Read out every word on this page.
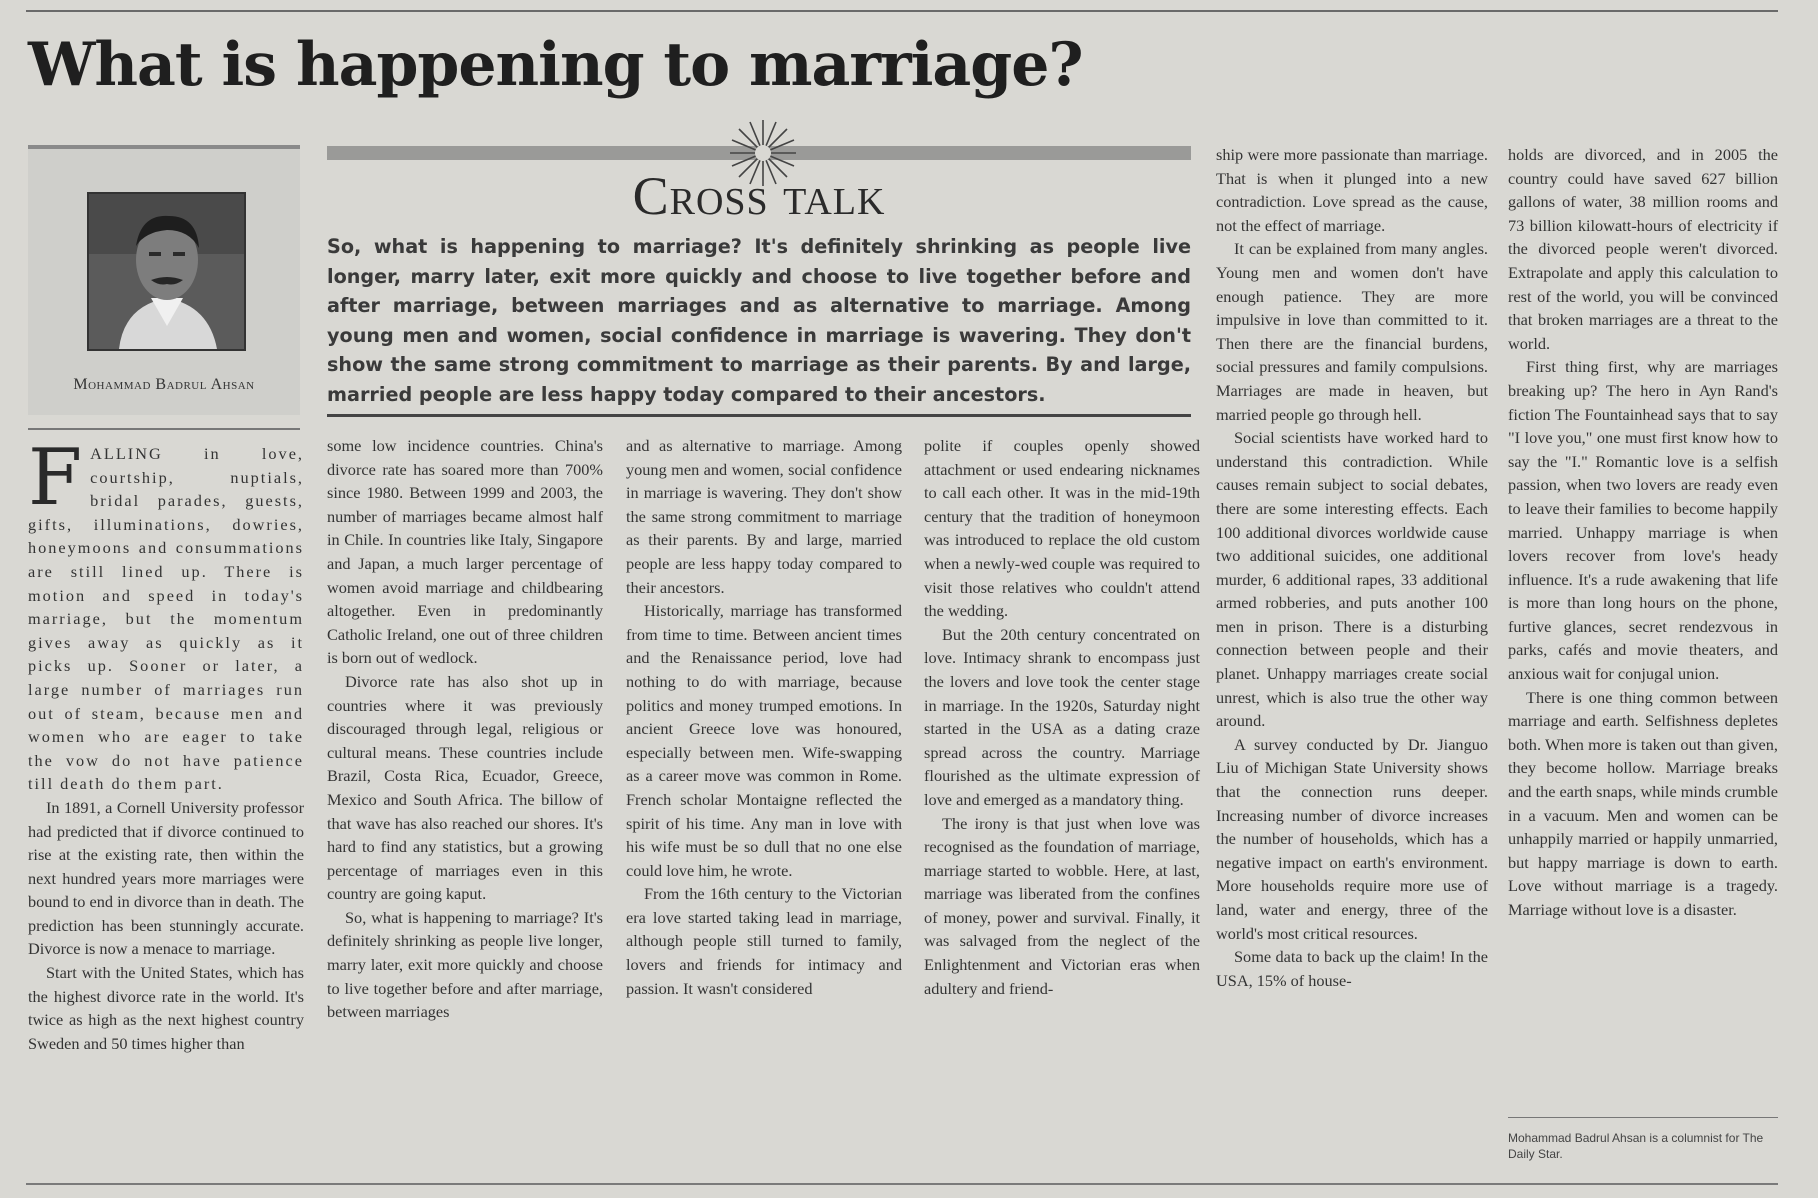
What is happening to marriage?
Mohammad Badrul Ahsan
Cross talk

So, what is happening to marriage? It's definitely shrinking as people live longer, marry later, exit more quickly and choose to live together before and after marriage, between marriages and as alternative to marriage. Among young men and women, social confidence in marriage is wavering. They don't show the same strong commitment to marriage as their parents. By and large, married people are less happy today compared to their ancestors.

FALLING in love, courtship, nuptials, bridal parades, guests, gifts, illuminations, dowries, honeymoons and consummations are still lined up. There is motion and speed in today's marriage, but the momentum gives away as quickly as it picks up. Sooner or later, a large number of marriages run out of steam, because men and women who are eager to take the vow do not have patience till death do them part.

In 1891, a Cornell University professor had predicted that if divorce continued to rise at the existing rate, then within the next hundred years more marriages were bound to end in divorce than in death. The prediction has been stunningly accurate. Divorce is now a menace to marriage.

Start with the United States, which has the highest divorce rate in the world. It's twice as high as the next highest country Sweden and 50 times higher than

some low incidence countries. China's divorce rate has soared more than 700% since 1980. Between 1999 and 2003, the number of marriages became almost half in Chile. In countries like Italy, Singapore and Japan, a much larger percentage of women avoid marriage and childbearing altogether. Even in predominantly Catholic Ireland, one out of three children is born out of wedlock.

Divorce rate has also shot up in countries where it was previously discouraged through legal, religious or cultural means. These countries include Brazil, Costa Rica, Ecuador, Greece, Mexico and South Africa. The billow of that wave has also reached our shores. It's hard to find any statistics, but a growing percentage of marriages even in this country are going kaput.

So, what is happening to marriage? It's definitely shrinking as people live longer, marry later, exit more quickly and choose to live together before and after marriage, between marriages

and as alternative to marriage. Among young men and women, social confidence in marriage is wavering. They don't show the same strong commitment to marriage as their parents. By and large, married people are less happy today compared to their ancestors.

Historically, marriage has transformed from time to time. Between ancient times and the Renaissance period, love had nothing to do with marriage, because politics and money trumped emotions. In ancient Greece love was honoured, especially between men. Wife-swapping as a career move was common in Rome. French scholar Montaigne reflected the spirit of his time. Any man in love with his wife must be so dull that no one else could love him, he wrote.

From the 16th century to the Victorian era love started taking lead in marriage, although people still turned to family, lovers and friends for intimacy and passion. It wasn't considered

polite if couples openly showed attachment or used endearing nicknames to call each other. It was in the mid-19th century that the tradition of honeymoon was introduced to replace the old custom when a newly-wed couple was required to visit those relatives who couldn't attend the wedding.

But the 20th century concentrated on love. Intimacy shrank to encompass just the lovers and love took the center stage in marriage. In the 1920s, Saturday night started in the USA as a dating craze spread across the country. Marriage flourished as the ultimate expression of love and emerged as a mandatory thing.

The irony is that just when love was recognised as the foundation of marriage, marriage started to wobble. Here, at last, marriage was liberated from the confines of money, power and survival. Finally, it was salvaged from the neglect of the Enlightenment and Victorian eras when adultery and friend-

ship were more passionate than marriage. That is when it plunged into a new contradiction. Love spread as the cause, not the effect of marriage.

It can be explained from many angles. Young men and women don't have enough patience. They are more impulsive in love than committed to it. Then there are the financial burdens, social pressures and family compulsions. Marriages are made in heaven, but married people go through hell.

Social scientists have worked hard to understand this contradiction. While causes remain subject to social debates, there are some interesting effects. Each 100 additional divorces worldwide cause two additional suicides, one additional murder, 6 additional rapes, 33 additional armed robberies, and puts another 100 men in prison. There is a disturbing connection between people and their planet. Unhappy marriages create social unrest, which is also true the other way around.

A survey conducted by Dr. Jianguo Liu of Michigan State University shows that the connection runs deeper. Increasing number of divorce increases the number of households, which has a negative impact on earth's environment. More households require more use of land, water and energy, three of the world's most critical resources.

Some data to back up the claim! In the USA, 15% of house-

holds are divorced, and in 2005 the country could have saved 627 billion gallons of water, 38 million rooms and 73 billion kilowatt-hours of electricity if the divorced people weren't divorced. Extrapolate and apply this calculation to rest of the world, you will be convinced that broken marriages are a threat to the world.

First thing first, why are marriages breaking up? The hero in Ayn Rand's fiction The Fountainhead says that to say "I love you," one must first know how to say the "I." Romantic love is a selfish passion, when two lovers are ready even to leave their families to become happily married. Unhappy marriage is when lovers recover from love's heady influence. It's a rude awakening that life is more than long hours on the phone, furtive glances, secret rendezvous in parks, cafés and movie theaters, and anxious wait for conjugal union.

There is one thing common between marriage and earth. Selfishness depletes both. When more is taken out than given, they become hollow. Marriage breaks and the earth snaps, while minds crumble in a vacuum. Men and women can be unhappily married or happily unmarried, but happy marriage is down to earth. Love without marriage is a tragedy. Marriage without love is a disaster.

Mohammad Badrul Ahsan is a columnist for The Daily Star.
